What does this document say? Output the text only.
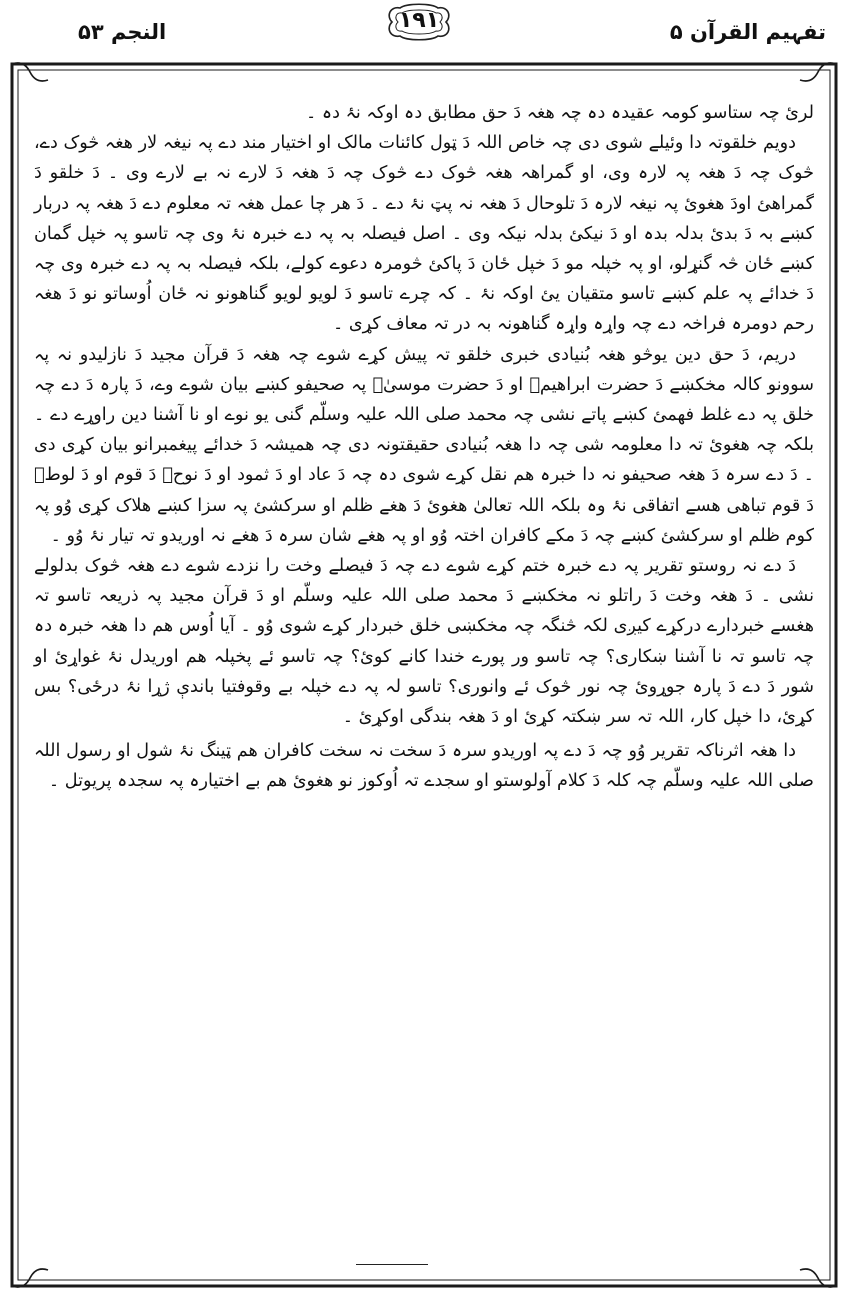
تفہیم القرآن ۵
۱۹۱
النجم ۵۳

لرئ چہ ستاسو کومہ عقیدہ دہ چہ ھغہ دَ حق مطابق دہ اوکہ نۂ دہ ۔

دویم خلقوتہ دا وئیلے شوی دی چہ خاص اللہ دَ ټول کائنات مالک او اختیار مند دے پہ نیغہ لار ھغہ څوک دے، څوک چہ دَ ھغہ پہ لارہ وی، او گمراھہ ھغہ څوک دے څوک چہ دَ ھغہ دَ لارے نہ بے لارے وی ۔ دَ خلقو دَ گمراھئ اودَ ھغوئ پہ نیغہ لارہ دَ تلوحال دَ ھغہ نہ پټ نۂ دے ۔ دَ ھر چا عمل ھغہ تہ معلوم دے دَ ھغہ پہ دربار کښے بہ دَ بدئ بدلہ بدہ او دَ نیکئ بدلہ نیکہ وی ۔ اصل فیصلہ بہ پہ دے خبرہ نۂ وی چہ تاسو پہ خپل گمان کښے ځان څہ گنړلو، او پہ خپلہ مو دَ خپل ځان دَ پاکئ څومرہ دعوے کولے، بلکہ فیصلہ بہ پہ دے خبرہ وی چہ دَ خدائے پہ علم کښے تاسو متقیان یئ اوکہ نۂ ۔ کہ چرے تاسو دَ لویو لویو گناھونو نہ ځان اُوساتو نو دَ ھغہ رحم دومرہ فراخہ دے چہ واړہ واړہ گناھونہ بہ در تہ معاف کړی ۔

دریم، دَ حق دین یوڅو ھغہ بُنیادی خبری خلقو تہ پیش کړے شوے چہ ھغہ دَ قرآن مجید دَ نازلیدو نہ پہ سوونو کالہ مخکښے دَ حضرت ابراھیمؑ او دَ حضرت موسیٰؑ پہ صحیفو کښے بیان شوے وے، دَ پارہ دَ دے چہ خلق پہ دے غلط فھمئ کښے پاتے نشی چہ محمد صلی اللہ علیہ وسلّم گنی یو نوے او نا آشنا دین راوړے دے ۔ بلکہ چہ ھغوئ تہ دا معلومہ شی چہ دا ھغہ بُنیادی حقیقتونہ دی چہ ھمیشہ دَ خدائے پیغمبرانو بیان کړی دی ۔ دَ دے سرہ دَ ھغہ صحیفو نہ دا خبرہ ھم نقل کړے شوی دہ چہ دَ عاد او دَ ثمود او دَ نوحؑ دَ قوم او دَ لوطؑ دَ قوم تباھی ھسے اتفاقی نۂ وہ بلکہ اللہ تعالیٰ ھغوئ دَ ھغے ظلم او سرکشئ پہ سزا کښے ھلاک کړی وُو پہ کوم ظلم او سرکشئ کښے چہ دَ مکے کافران اختہ وُو او پہ ھغے شان سرہ دَ ھغے نہ اوریدو تہ تیار نۂ وُو ۔

دَ دے نہ روستو تقریر پہ دے خبرہ ختم کړے شوے دے چہ دَ فیصلے وخت را نزدے شوے دے ھغہ څوک بدلولے نشی ۔ دَ ھغہ وخت دَ راتلو نہ مخکښے دَ محمد صلی اللہ علیہ وسلّم او دَ قرآن مجید پہ ذریعہ تاسو تہ ھغسے خبردارے درکړے کیږی لکہ څنگہ چہ مخکښی خلق خبردار کړے شوی وُو ۔ آیا اُوس ھم دا ھغہ خبرہ دہ چہ تاسو تہ نا آشنا ښکاری؟ چہ تاسو ور پورے خندا کانے کوئ؟ چہ تاسو ئے پخپلہ ھم اوریدل نۂ غواړئ او شور دَ دے دَ پارہ جوړوئ چہ نور څوک ئے وانوری؟ تاسو لہ پہ دے خپلہ بے وقوفتیا باندې ژړا نۂ درځی؟ بس کړئ، دا خپل کار، اللہ تہ سر ښکتہ کړئ او دَ ھغہ بندگی اوکړئ ۔

دا ھغہ اثرناکہ تقریر وُو چہ دَ دے پہ اوریدو سرہ دَ سخت نہ سخت کافران ھم ټینگ نۂ شول او رسول اللہ صلی اللہ علیہ وسلّم چہ کلہ دَ کلام آولوستو او سجدے تہ اُوکوز نو ھغوئ ھم بے اختیارہ پہ سجدہ پریوتل ۔
